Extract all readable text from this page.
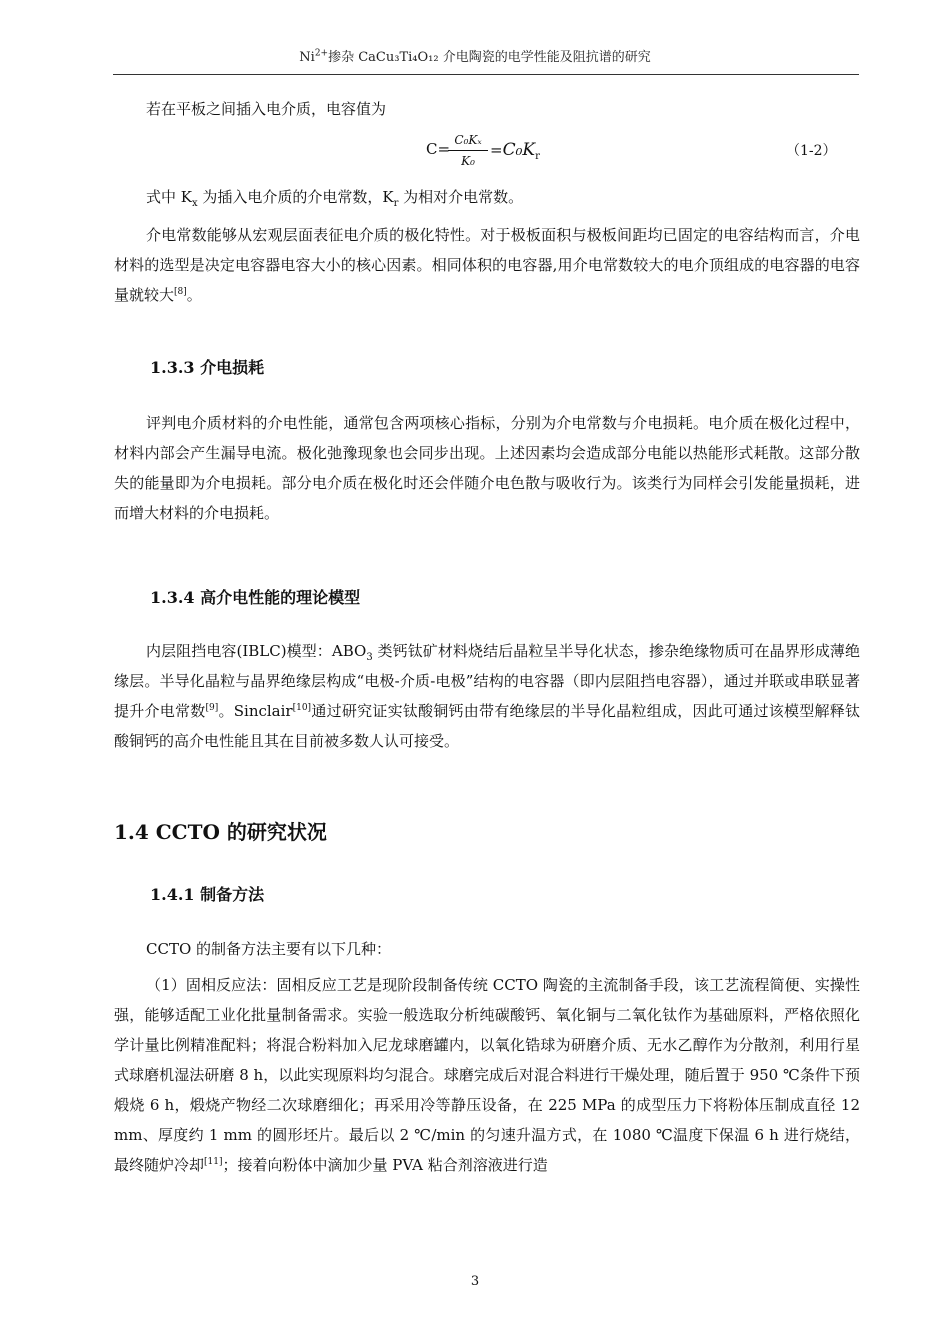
$Ni^{2+}$掺杂 CaCu₃Ti₄O₁₂ 介电陶瓷的电学性能及阻抗谱的研究

若在平板之间插入电介质，电容值为

C= C₀Kₓ
K₀
$=C_0K_r$	（1-2）

式中 $K_x$ 为插入电介质的介电常数，$K_r$ 为相对介电常数。

介电常数能够从宏观层面表征电介质的极化特性。对于极板面积与极板间距均已固定的电容结构而言，介电材料的选型是决定电容器电容大小的核心因素。相同体积的电容器,用介电常数较大的电介顶组成的电容器的电容量就较大[8]。

1.3.3 介电损耗

评判电介质材料的介电性能，通常包含两项核心指标，分别为介电常数与介电损耗。电介质在极化过程中，材料内部会产生漏导电流。极化弛豫现象也会同步出现。上述因素均会造成部分电能以热能形式耗散。这部分散失的能量即为介电损耗。部分电介质在极化时还会伴随介电色散与吸收行为。该类行为同样会引发能量损耗，进而增大材料的介电损耗。

1.3.4 高介电性能的理论模型

内层阻挡电容(IBLC)模型：$ABO_3$ 类钙钛矿材料烧结后晶粒呈半导化状态，掺杂绝缘物质可在晶界形成薄绝缘层。半导化晶粒与晶界绝缘层构成“电极-介质-电极”结构的电容器（即内层阻挡电容器），通过并联或串联显著提升介电常数[9]。Sinclair[10]通过研究证实钛酸铜钙由带有绝缘层的半导化晶粒组成，因此可通过该模型解释钛酸铜钙的高介电性能且其在目前被多数人认可接受。

1.4 CCTO 的研究状况
1.4.1 制备方法

CCTO 的制备方法主要有以下几种：

（1）固相反应法：固相反应工艺是现阶段制备传统 CCTO 陶瓷的主流制备手段，该工艺流程简便、实操性强，能够适配工业化批量制备需求。实验一般选取分析纯碳酸钙、氧化铜与二氧化钛作为基础原料，严格依照化学计量比例精准配料；将混合粉料加入尼龙球磨罐内，以氧化锆球为研磨介质、无水乙醇作为分散剂，利用行星式球磨机湿法研磨 8 h，以此实现原料均匀混合。球磨完成后对混合料进行干燥处理，随后置于 950 ℃条件下预煅烧 6 h，煅烧产物经二次球磨细化；再采用冷等静压设备，在 225 MPa 的成型压力下将粉体压制成直径 12 mm、厚度约 1 mm 的圆形坯片。最后以 2 ℃/min 的匀速升温方式，在 1080 ℃温度下保温 6 h 进行烧结，最终随炉冷却[11]；接着向粉体中滴加少量 PVA 粘合剂溶液进行造

3
